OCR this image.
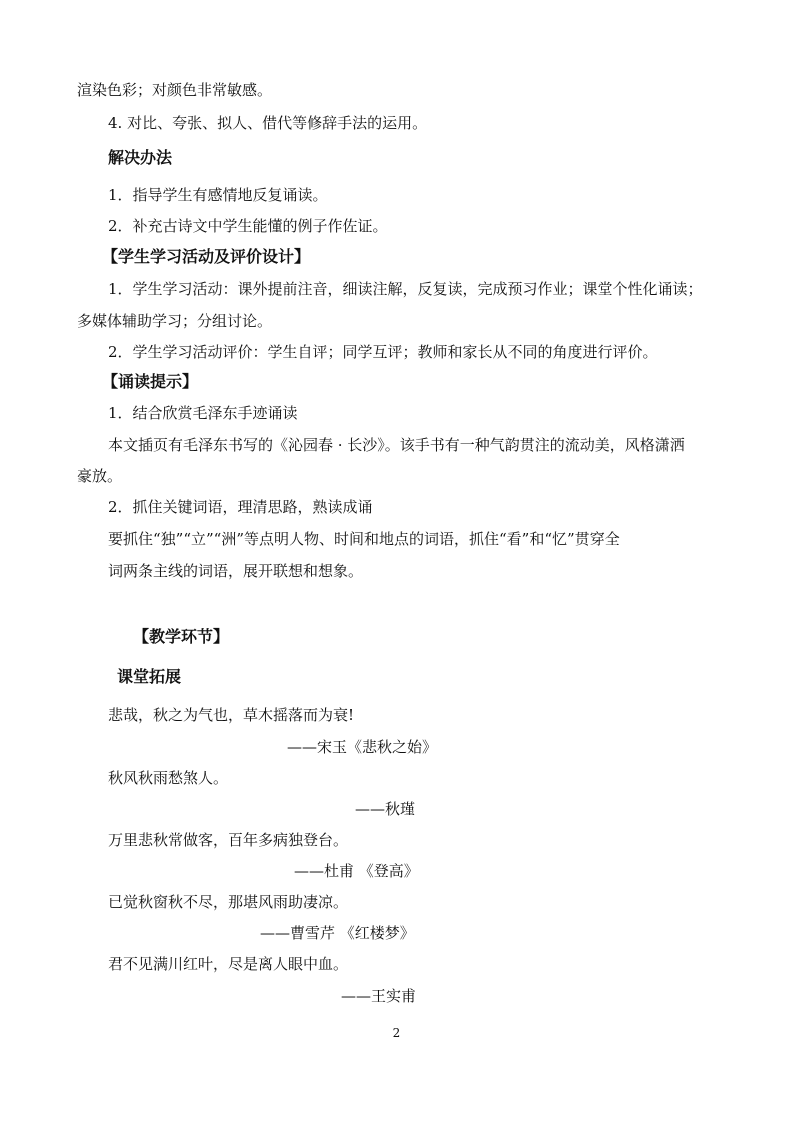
渲染色彩；对颜色非常敏感。
4. 对比、夸张、拟人、借代等修辞手法的运用。
解决办法
1．指导学生有感情地反复诵读。
2．补充古诗文中学生能懂的例子作佐证。
【学生学习活动及评价设计】
1．学生学习活动：课外提前注音，细读注解，反复读，完成预习作业；课堂个性化诵读；
多媒体辅助学习；分组讨论。
2．学生学习活动评价：学生自评；同学互评；教师和家长从不同的角度进行评价。
【诵读提示】
1．结合欣赏毛泽东手迹诵读
本文插页有毛泽东书写的《沁园春 · 长沙》。该手书有一种气韵贯注的流动美，风格潇洒
豪放。
2．抓住关键词语，理清思路，熟读成诵
要抓住“独”“立”“洲”等点明人物、时间和地点的词语，抓住“看”和“忆”贯穿全
词两条主线的词语，展开联想和想象。
【教学环节】
课堂拓展
悲哉，秋之为气也，草木摇落而为衰!
——宋玉《悲秋之始》
秋风秋雨愁煞人。
——秋瑾
万里悲秋常做客，百年多病独登台。
——杜甫 《登高》
已觉秋窗秋不尽，那堪风雨助凄凉。
——曹雪芹 《红楼梦》
君不见满川红叶，尽是离人眼中血。
——王实甫
2
